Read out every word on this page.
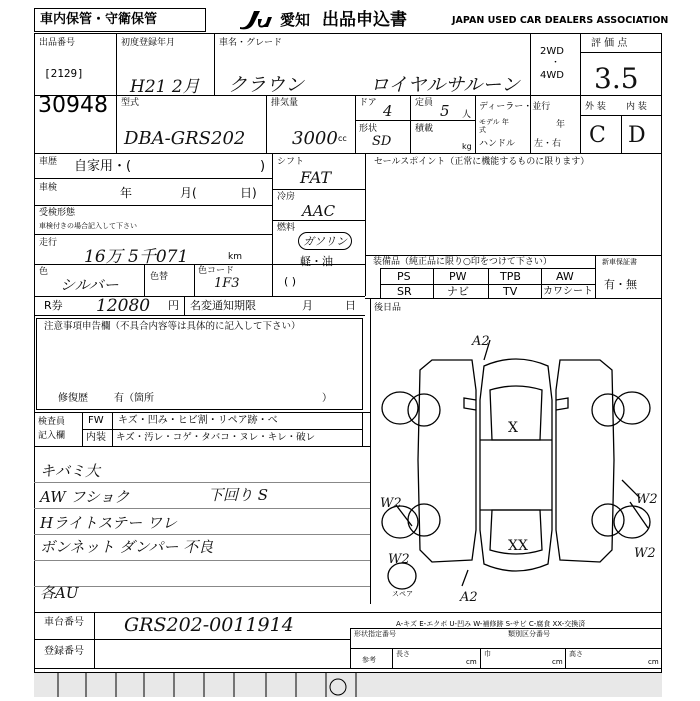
車内保管・守衛保管	愛知 出品申込書	JAPAN USED CAR DEALERS ASSOCIATION
出品番号
[2129]
30948
初度登録年月
H21 2月
車名・グレード
クラウン	ロイヤルサルーン
2WD
・
4WD
評 価 点
3.5
外 装 内 装
C D
型式
DBA-GRS202
排気量
3000 cc
ドア 4 定員 5 人
形状
SD
積載
kg
ディーラー・並行
モデル 年式	年
ハンドル 左・右
車歴 自家用・(	)
車検	年	月(	日)
受検形態
車検付きの場合記入して下さい
走行
16万 5千071	km
色
シルバー	色替
色コード
1F3
シフト
FAT
冷房
AAC
燃料
ガソリン
軽・油
( )
R券 12080 円 名変通知期限	月	日
セールスポイント（正常に機能するものに限ります）
装備品（純正品に限り○印をつけて下さい）
PS	PW	TPB	AW
SR	ナビ	TV	カワシート
新車保証書
有・無
注意事項申告欄（不具合内容等は具体的に記入して下さい）
修復歴	有（箇所	）
後日品
検査員
記入欄
FW キズ・凹み・ヒビ割・リペア跡・べ
内装 キズ・汚レ・コゲ・タバコ・ヌレ・キレ・破レ
キバミ大
AW フショク	下回り S
Hライトステー ワレ
ボンネット ダンパー 不良
各AU
A2
X
W2	W2
XX	W2
W2
スペア	A2
A-キズ E-エクボ U-凹み W-補修跡 S-サビ C-腐食 XX-交換済
車台番号 GRS202-0011914
登録番号
形状指定番号	類別区分番号
参考
長さ
cm
巾
cm
高さ
cm
